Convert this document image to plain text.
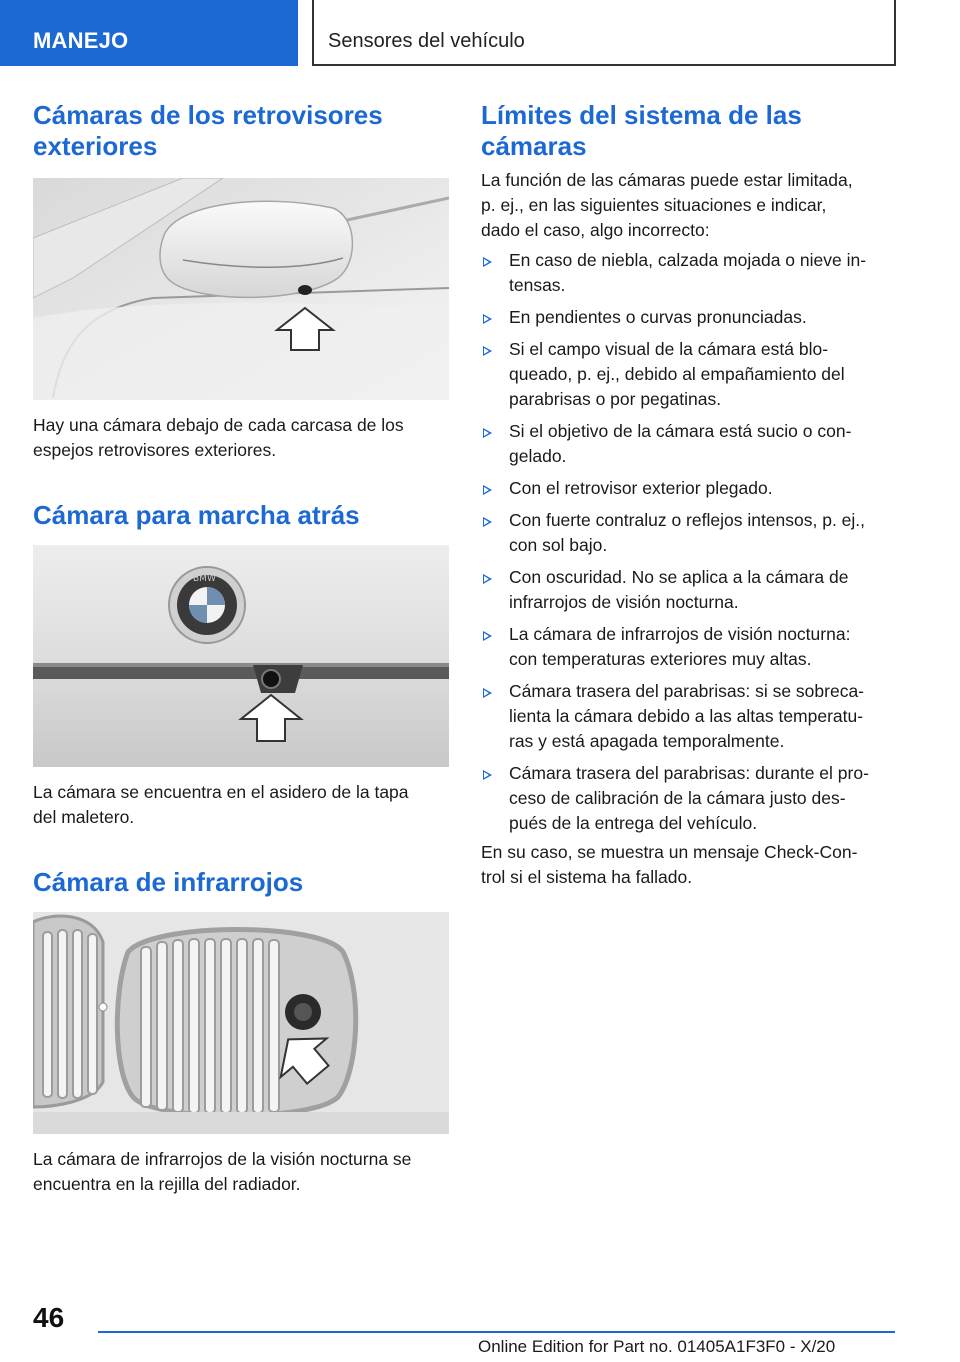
MANEJO	Sensores del vehículo
Cámaras de los retrovisores
exteriores

Hay una cámara debajo de cada carcasa de los
espejos retrovisores exteriores.

Cámara para marcha atrás
BMW

La cámara se encuentra en el asidero de la tapa
del maletero.

Cámara de infrarrojos

La cámara de infrarrojos de la visión nocturna se
encuentra en la rejilla del radiador.

Límites del sistema de las
cámaras

La función de las cámaras puede estar limitada,
p. ej., en las siguientes situaciones e indicar,
dado el caso, algo incorrecto:

En caso de niebla, calzada mojada o nieve in-
tensas.
En pendientes o curvas pronunciadas.
Si el campo visual de la cámara está blo-
queado, p. ej., debido al empañamiento del
parabrisas o por pegatinas.
Si el objetivo de la cámara está sucio o con-
gelado.
Con el retrovisor exterior plegado.
Con fuerte contraluz o reflejos intensos, p. ej.,
con sol bajo.
Con oscuridad. No se aplica a la cámara de
infrarrojos de visión nocturna.
La cámara de infrarrojos de visión nocturna:
con temperaturas exteriores muy altas.
Cámara trasera del parabrisas: si se sobreca-
lienta la cámara debido a las altas temperatu-
ras y está apagada temporalmente.
Cámara trasera del parabrisas: durante el pro-
ceso de calibración de la cámara justo des-
pués de la entrega del vehículo.

En su caso, se muestra un mensaje Check-Con-
trol si el sistema ha fallado.

46
Online Edition for Part no. 01405A1F3F0 - X/20
